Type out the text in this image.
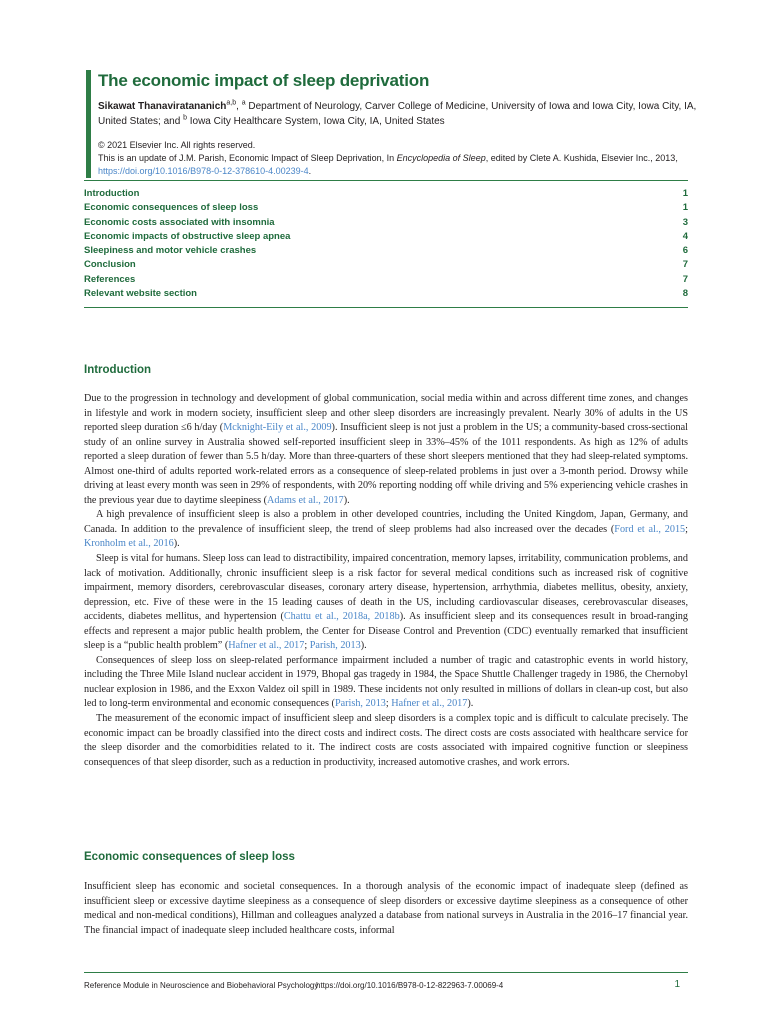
The economic impact of sleep deprivation
Sikawat Thanaviratananich$^{a,b}$, $^a$ Department of Neurology, Carver College of Medicine, University of Iowa and Iowa City, Iowa City, IA, United States; and $^b$ Iowa City Healthcare System, Iowa City, IA, United States
© 2021 Elsevier Inc. All rights reserved.
This is an update of J.M. Parish, Economic Impact of Sleep Deprivation, In Encyclopedia of Sleep, edited by Clete A. Kushida, Elsevier Inc., 2013, https://doi.org/10.1016/B978-0-12-378610-4.00239-4.
Introduction	1
Economic consequences of sleep loss	1
Economic costs associated with insomnia	3
Economic impacts of obstructive sleep apnea	4
Sleepiness and motor vehicle crashes	6
Conclusion	7
References	7
Relevant website section	8
Introduction

Due to the progression in technology and development of global communication, social media within and across different time zones, and changes in lifestyle and work in modern society, insufficient sleep and other sleep disorders are increasingly prevalent. Nearly 30% of adults in the US reported sleep duration ≤6 h/day (Mcknight-Eily et al., 2009). Insufficient sleep is not just a problem in the US; a community-based cross-sectional study of an online survey in Australia showed self-reported insufficient sleep in 33%–45% of the 1011 respondents. As high as 12% of adults reported a sleep duration of fewer than 5.5 h/day. More than three-quarters of these short sleepers mentioned that they had sleep-related symptoms. Almost one-third of adults reported work-related errors as a consequence of sleep-related problems in just over a 3-month period. Drowsy while driving at least every month was seen in 29% of respondents, with 20% reporting nodding off while driving and 5% experiencing vehicle crashes in the previous year due to daytime sleepiness (Adams et al., 2017).

A high prevalence of insufficient sleep is also a problem in other developed countries, including the United Kingdom, Japan, Germany, and Canada. In addition to the prevalence of insufficient sleep, the trend of sleep problems had also increased over the decades (Ford et al., 2015; Kronholm et al., 2016).

Sleep is vital for humans. Sleep loss can lead to distractibility, impaired concentration, memory lapses, irritability, communication problems, and lack of motivation. Additionally, chronic insufficient sleep is a risk factor for several medical conditions such as increased risk of cognitive impairment, memory disorders, cerebrovascular diseases, coronary artery disease, hypertension, arrhythmia, diabetes mellitus, obesity, anxiety, depression, etc. Five of these were in the 15 leading causes of death in the US, including cardiovascular diseases, cerebrovascular diseases, accidents, diabetes mellitus, and hypertension (Chattu et al., 2018a, 2018b). As insufficient sleep and its consequences result in broad-ranging effects and represent a major public health problem, the Center for Disease Control and Prevention (CDC) eventually remarked that insufficient sleep is a “public health problem” (Hafner et al., 2017; Parish, 2013).

Consequences of sleep loss on sleep-related performance impairment included a number of tragic and catastrophic events in world history, including the Three Mile Island nuclear accident in 1979, Bhopal gas tragedy in 1984, the Space Shuttle Challenger tragedy in 1986, the Chernobyl nuclear explosion in 1986, and the Exxon Valdez oil spill in 1989. These incidents not only resulted in millions of dollars in clean-up cost, but also led to long-term environmental and economic consequences (Parish, 2013; Hafner et al., 2017).

The measurement of the economic impact of insufficient sleep and sleep disorders is a complex topic and is difficult to calculate precisely. The economic impact can be broadly classified into the direct costs and indirect costs. The direct costs are costs associated with healthcare service for the sleep disorder and the comorbidities related to it. The indirect costs are costs associated with impaired cognitive function or sleepiness consequences of that sleep disorder, such as a reduction in productivity, increased automotive crashes, and work errors.

Economic consequences of sleep loss

Insufficient sleep has economic and societal consequences. In a thorough analysis of the economic impact of inadequate sleep (defined as insufficient sleep or excessive daytime sleepiness as a consequence of sleep disorders or excessive daytime sleepiness as a consequence of other medical and non-medical conditions), Hillman and colleagues analyzed a database from national surveys in Australia in the 2016–17 financial year. The financial impact of inadequate sleep included healthcare costs, informal

Reference Module in Neuroscience and Biobehavioral Psychology
https://doi.org/10.1016/B978-0-12-822963-7.00069-4	1
